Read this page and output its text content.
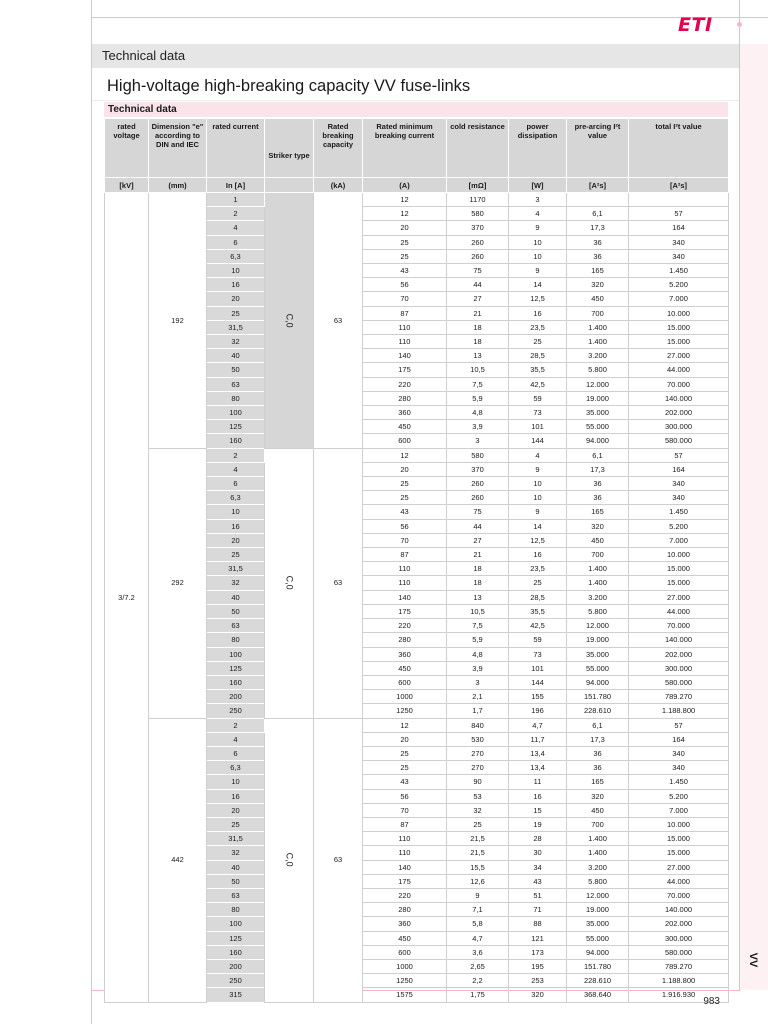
ETI
Technical data
High-voltage high-breaking capacity VV fuse-links
Technical data
rated voltage	Dimension "e" according to DIN and IEC	rated current	Striker type	Rated breaking capacity	Rated minimum breaking current	cold resistance	power dissipation	pre-arcing I²t value	total I²t value
[kV]	(mm)	In [A]		(kA)	(A)	[mΩ]	[W]	[A²s]	[A²s]
3/7.2	192	1	C,0	63	12	1170	3		
		2			12	580	4	6,1	57
		4			20	370	9	17,3	164
		6			25	260	10	36	340
		6,3			25	260	10	36	340
		10			43	75	9	165	1.450
		16			56	44	14	320	5.200
		20			70	27	12,5	450	7.000
		25			87	21	16	700	10.000
		31,5			110	18	23,5	1.400	15.000
		32			110	18	25	1.400	15.000
		40			140	13	28,5	3.200	27.000
		50			175	10,5	35,5	5.800	44.000
		63			220	7,5	42,5	12.000	70.000
		80			280	5,9	59	19.000	140.000
		100			360	4,8	73	35.000	202.000
		125			450	3,9	101	55.000	300.000
		160			600	3	144	94.000	580.000
	292	2	C,0	63	12	580	4	6,1	57
		4			20	370	9	17,3	164
		6			25	260	10	36	340
		6,3			25	260	10	36	340
		10			43	75	9	165	1.450
		16			56	44	14	320	5.200
		20			70	27	12,5	450	7.000
		25			87	21	16	700	10.000
		31,5			110	18	23,5	1.400	15.000
		32			110	18	25	1.400	15.000
		40			140	13	28,5	3.200	27.000
		50			175	10,5	35,5	5.800	44.000
		63			220	7,5	42,5	12.000	70.000
		80			280	5,9	59	19.000	140.000
		100			360	4,8	73	35.000	202.000
		125			450	3,9	101	55.000	300.000
		160			600	3	144	94.000	580.000
		200			1000	2,1	155	151.780	789.270
		250			1250	1,7	196	228.610	1.188.800
	442	2	C,0	63	12	840	4,7	6,1	57
		4			20	530	11,7	17,3	164
		6			25	270	13,4	36	340
		6,3			25	270	13,4	36	340
		10			43	90	11	165	1.450
		16			56	53	16	320	5.200
		20			70	32	15	450	7.000
		25			87	25	19	700	10.000
		31,5			110	21,5	28	1.400	15.000
		32			110	21,5	30	1.400	15.000
		40			140	15,5	34	3.200	27.000
		50			175	12,6	43	5.800	44.000
		63			220	9	51	12.000	70.000
		80			280	7,1	71	19.000	140.000
		100			360	5,8	88	35.000	202.000
		125			450	4,7	121	55.000	300.000
		160			600	3,6	173	94.000	580.000
		200			1000	2,65	195	151.780	789.270
		250			1250	2,2	253	228.610	1.188.800
		315			1575	1,75	320	368.640	1.916.930
VV
983
